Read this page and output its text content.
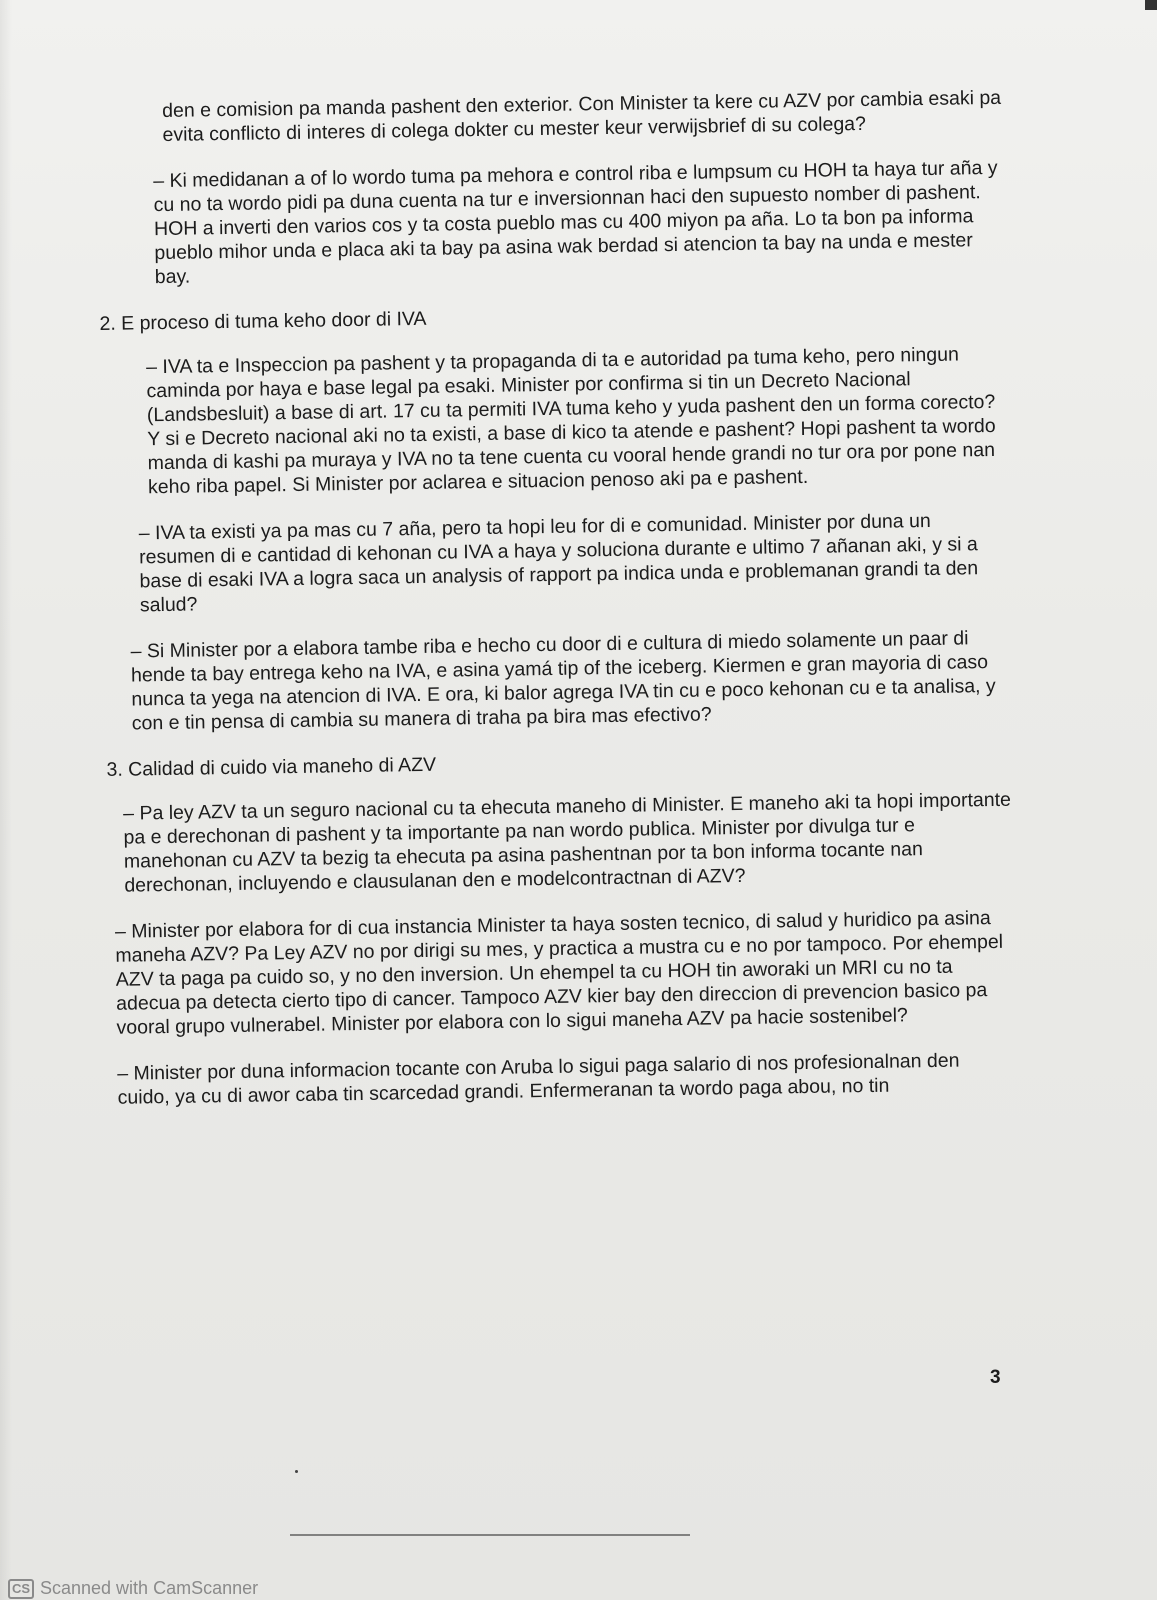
den e comision pa manda pashent den exterior. Con Minister ta kere cu AZV por cambia esaki pa evita conflicto di interes di colega dokter cu mester keur verwijsbrief di su colega?

– Ki medidanan a of lo wordo tuma pa mehora e control riba e lumpsum cu HOH ta haya tur aña y cu no ta wordo pidi pa duna cuenta na tur e inversionnan haci den supuesto nomber di pashent. HOH a inverti den varios cos y ta costa pueblo mas cu 400 miyon pa aña. Lo ta bon pa informa pueblo mihor unda e placa aki ta bay pa asina wak berdad si atencion ta bay na unda e mester bay.

2. E proceso di tuma keho door di IVA

– IVA ta e Inspeccion pa pashent y ta propaganda di ta e autoridad pa tuma keho, pero ningun caminda por haya e base legal pa esaki. Minister por confirma si tin un Decreto Nacional (Landsbesluit) a base di art. 17 cu ta permiti IVA tuma keho y yuda pashent den un forma corecto? Y si e Decreto nacional aki no ta existi, a base di kico ta atende e pashent? Hopi pashent ta wordo manda di kashi pa muraya y IVA no ta tene cuenta cu vooral hende grandi no tur ora por pone nan keho riba papel. Si Minister por aclarea e situacion penoso aki pa e pashent.

– IVA ta existi ya pa mas cu 7 aña, pero ta hopi leu for di e comunidad. Minister por duna un resumen di e cantidad di kehonan cu IVA a haya y soluciona durante e ultimo 7 añanan aki, y si a base di esaki IVA a logra saca un analysis of rapport pa indica unda e problemanan grandi ta den salud?

– Si Minister por a elabora tambe riba e hecho cu door di e cultura di miedo solamente un paar di hende ta bay entrega keho na IVA, e asina yamá tip of the iceberg. Kiermen e gran mayoria di caso nunca ta yega na atencion di IVA. E ora, ki balor agrega IVA tin cu e poco kehonan cu e ta analisa, y con e tin pensa di cambia su manera di traha pa bira mas efectivo?

3. Calidad di cuido via maneho di AZV

– Pa ley AZV ta un seguro nacional cu ta ehecuta maneho di Minister. E maneho aki ta hopi importante pa e derechonan di pashent y ta importante pa nan wordo publica. Minister por divulga tur e manehonan cu AZV ta bezig ta ehecuta pa asina pashentnan por ta bon informa tocante nan derechonan, incluyendo e clausulanan den e modelcontractnan di AZV?

– Minister por elabora for di cua instancia Minister ta haya sosten tecnico, di salud y huridico pa asina maneha AZV? Pa Ley AZV no por dirigi su mes, y practica a mustra cu e no por tampoco. Por ehempel AZV ta paga pa cuido so, y no den inversion. Un ehempel ta cu HOH tin aworaki un MRI cu no ta adecua pa detecta cierto tipo di cancer. Tampoco AZV kier bay den direccion di prevencion basico pa vooral grupo vulnerabel. Minister por elabora con lo sigui maneha AZV pa hacie sostenibel?

– Minister por duna informacion tocante con Aruba lo sigui paga salario di nos profesionalnan den cuido, ya cu di awor caba tin scarcedad grandi. Enfermeranan ta wordo paga abou, no tin

3
CS Scanned with CamScanner
